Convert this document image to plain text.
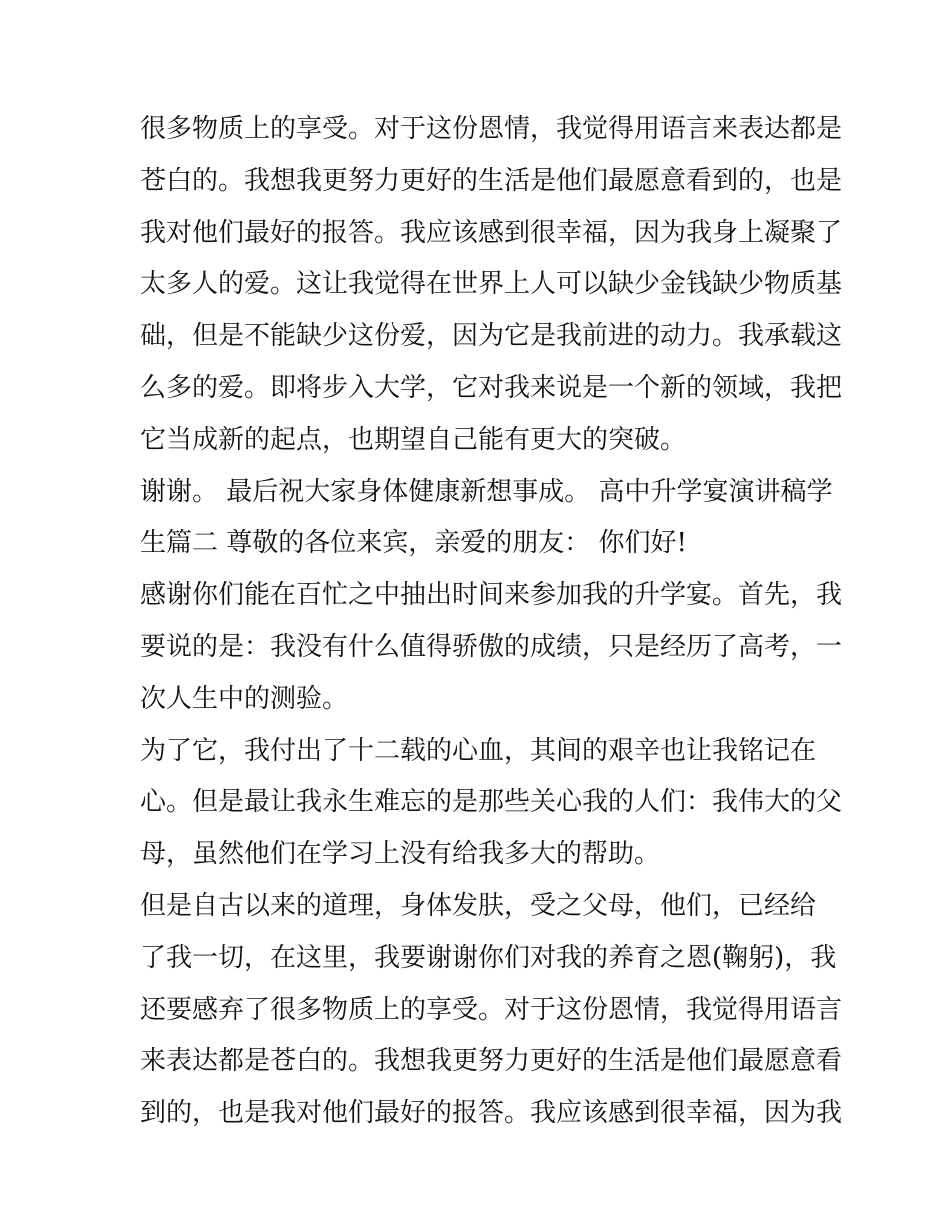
很多物质上的享受。对于这份恩情，我觉得用语言来表达都是
苍白的。我想我更努力更好的生活是他们最愿意看到的，也是
我对他们最好的报答。我应该感到很幸福，因为我身上凝聚了
太多人的爱。这让我觉得在世界上人可以缺少金钱缺少物质基
础，但是不能缺少这份爱，因为它是我前进的动力。我承载这
么多的爱。即将步入大学，它对我来说是一个新的领域，我把
它当成新的起点，也期望自己能有更大的突破。
谢谢。 最后祝大家身体健康新想事成。 高中升学宴演讲稿学
生篇二 尊敬的各位来宾，亲爱的朋友： 你们好!
感谢你们能在百忙之中抽出时间来参加我的升学宴。首先，我
要说的是：我没有什么值得骄傲的成绩，只是经历了高考，一
次人生中的测验。
为了它，我付出了十二载的心血，其间的艰辛也让我铭记在
心。但是最让我永生难忘的是那些关心我的人们：我伟大的父
母，虽然他们在学习上没有给我多大的帮助。
但是自古以来的道理，身体发肤，受之父母，他们，已经给
了我一切，在这里，我要谢谢你们对我的养育之恩(鞠躬)，我
还要感弃了很多物质上的享受。对于这份恩情，我觉得用语言
来表达都是苍白的。我想我更努力更好的生活是他们最愿意看
到的，也是我对他们最好的报答。我应该感到很幸福，因为我
